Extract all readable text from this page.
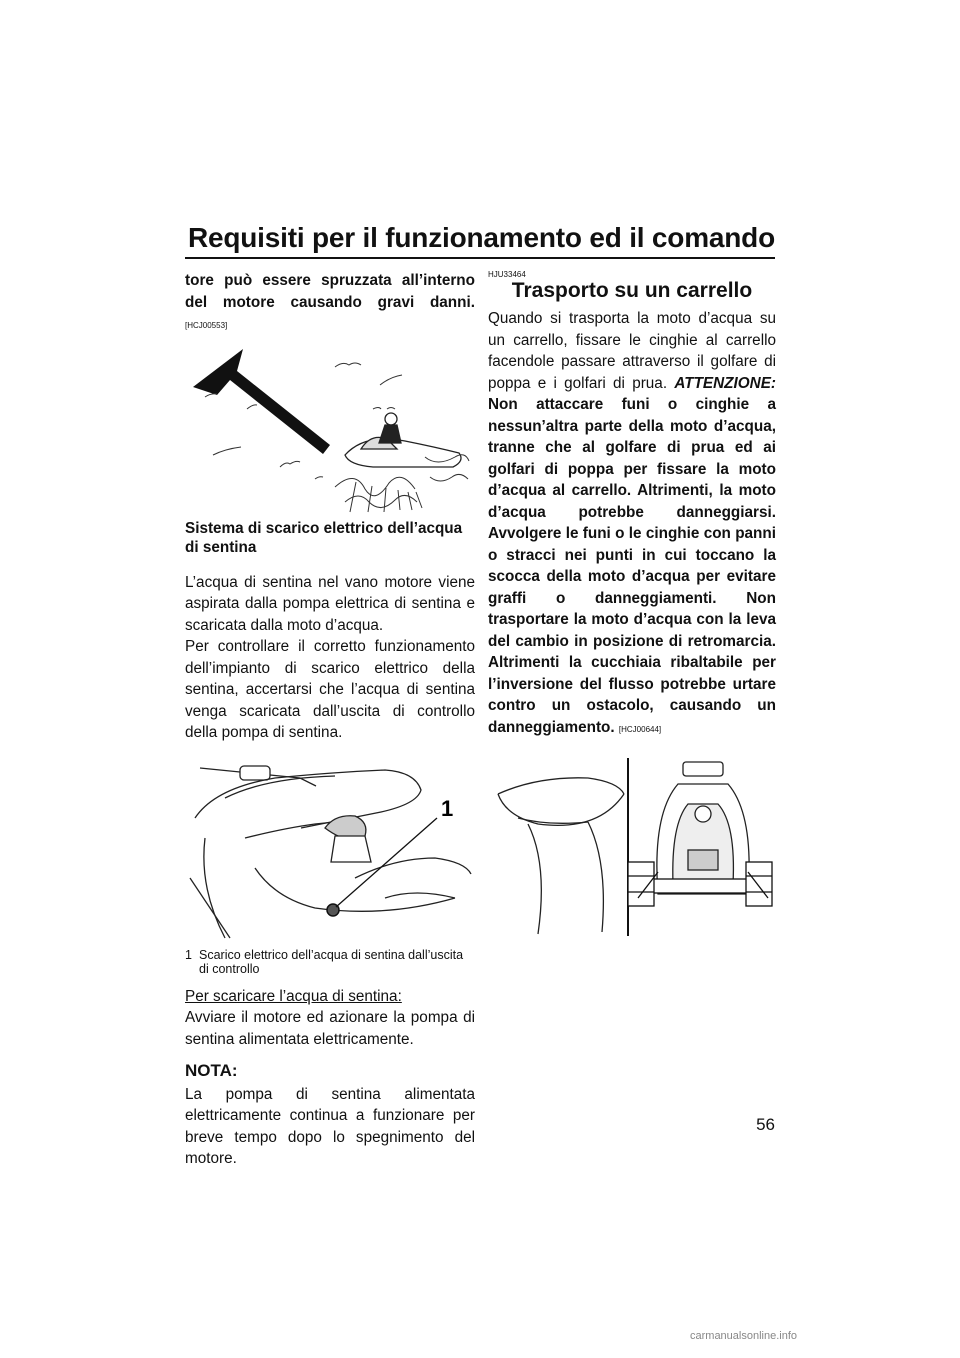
Requisiti per il funzionamento ed il comando

tore può essere spruzzata all’interno del motore causando gravi danni. [HCJ00553]

Sistema di scarico elettrico dell’acqua di sentina

L’acqua di sentina nel vano motore viene aspirata dalla pompa elettrica di sentina e scaricata dalla moto d’acqua.

Per controllare il corretto funzionamento dell’impianto di scarico elettrico della sentina, accertarsi che l’acqua di sentina venga scaricata dall’uscita di controllo della pompa di sentina.

1
1 Scarico elettrico dell’acqua di sentina dall’uscita di controllo

Per scaricare l’acqua di sentina:

Avviare il motore ed azionare la pompa di sentina alimentata elettricamente.

NOTA:

La pompa di sentina alimentata elettricamente continua a funzionare per breve tempo dopo lo spegnimento del motore.

HJU33464

Trasporto su un carrello

Quando si trasporta la moto d’acqua su un carrello, fissare le cinghie al carrello facendole passare attraverso il golfare di poppa e i golfari di prua. ATTENZIONE: Non attaccare funi o cinghie a nessun’altra parte della moto d’acqua, tranne che al golfare di prua ed ai golfari di poppa per fissare la moto d’acqua al carrello. Altrimenti, la moto d’acqua potrebbe danneggiarsi. Avvolgere le funi o le cinghie con panni o stracci nei punti in cui toccano la scocca della moto d’acqua per evitare graffi o danneggiamenti. Non trasportare la moto d’acqua con la leva del cambio in posizione di retromarcia. Altrimenti la cucchiaia ribaltabile per l’inversione del flusso potrebbe urtare contro un ostacolo, causando un danneggiamento. [HCJ00644]

56
carmanualsonline.info
